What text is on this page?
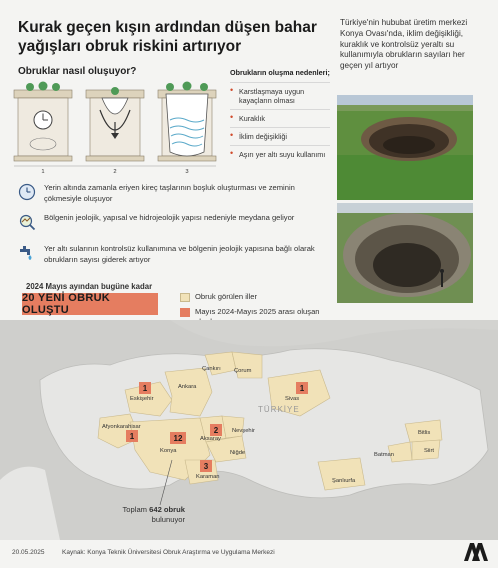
Kurak geçen kışın ardından düşen bahar yağışları obruk riskini artırıyor
Türkiye'nin hububat üretim merkezi Konya Ovası'nda, iklim değişikliği, kuraklık ve kontrolsüz yeraltı su kullanımıyla obrukların sayıları her geçen yıl artıyor
Obruklar nasıl oluşuyor?
1	2	3
Obrukların oluşma nedenleri;
• Karstlaşmaya uygun kayaçların olması
• Kuraklık
• İklim değişikliği
• Aşırı yer altı suyu kullanımı
Yerin altında zamanla eriyen kireç taşlarının boşluk oluşturması ve zeminin çökmesiyle oluşuyor
Bölgenin jeolojik, yapısal ve hidrojeolojik yapısı nedeniyle meydana geliyor
Yer altı sularının kontrolsüz kullanımına ve bölgenin jeolojik yapısına bağlı olarak obrukların sayısı giderek artıyor
2024 Mayıs ayından bugüne kadar
20 YENİ OBRUK OLUŞTU
Obruk görülen iller
Mayıs 2024-Mayıs 2025 arası oluşan
TÜRKİYE
Eskişehir
Ankara
Çankırı Çorum
Sivas
Afyonkarahisar
Konya
Aksaray
Nevşehir
Niğde
Karaman
Batman
Bitlis
Siirt
Şanlıurfa
1	1
1	12
2
3
Toplam 642 obruk
bulunuyor
20.05.2025	Kaynak: Konya Teknik Üniversitesi Obruk Araştırma ve Uygulama Merkezi
AA
